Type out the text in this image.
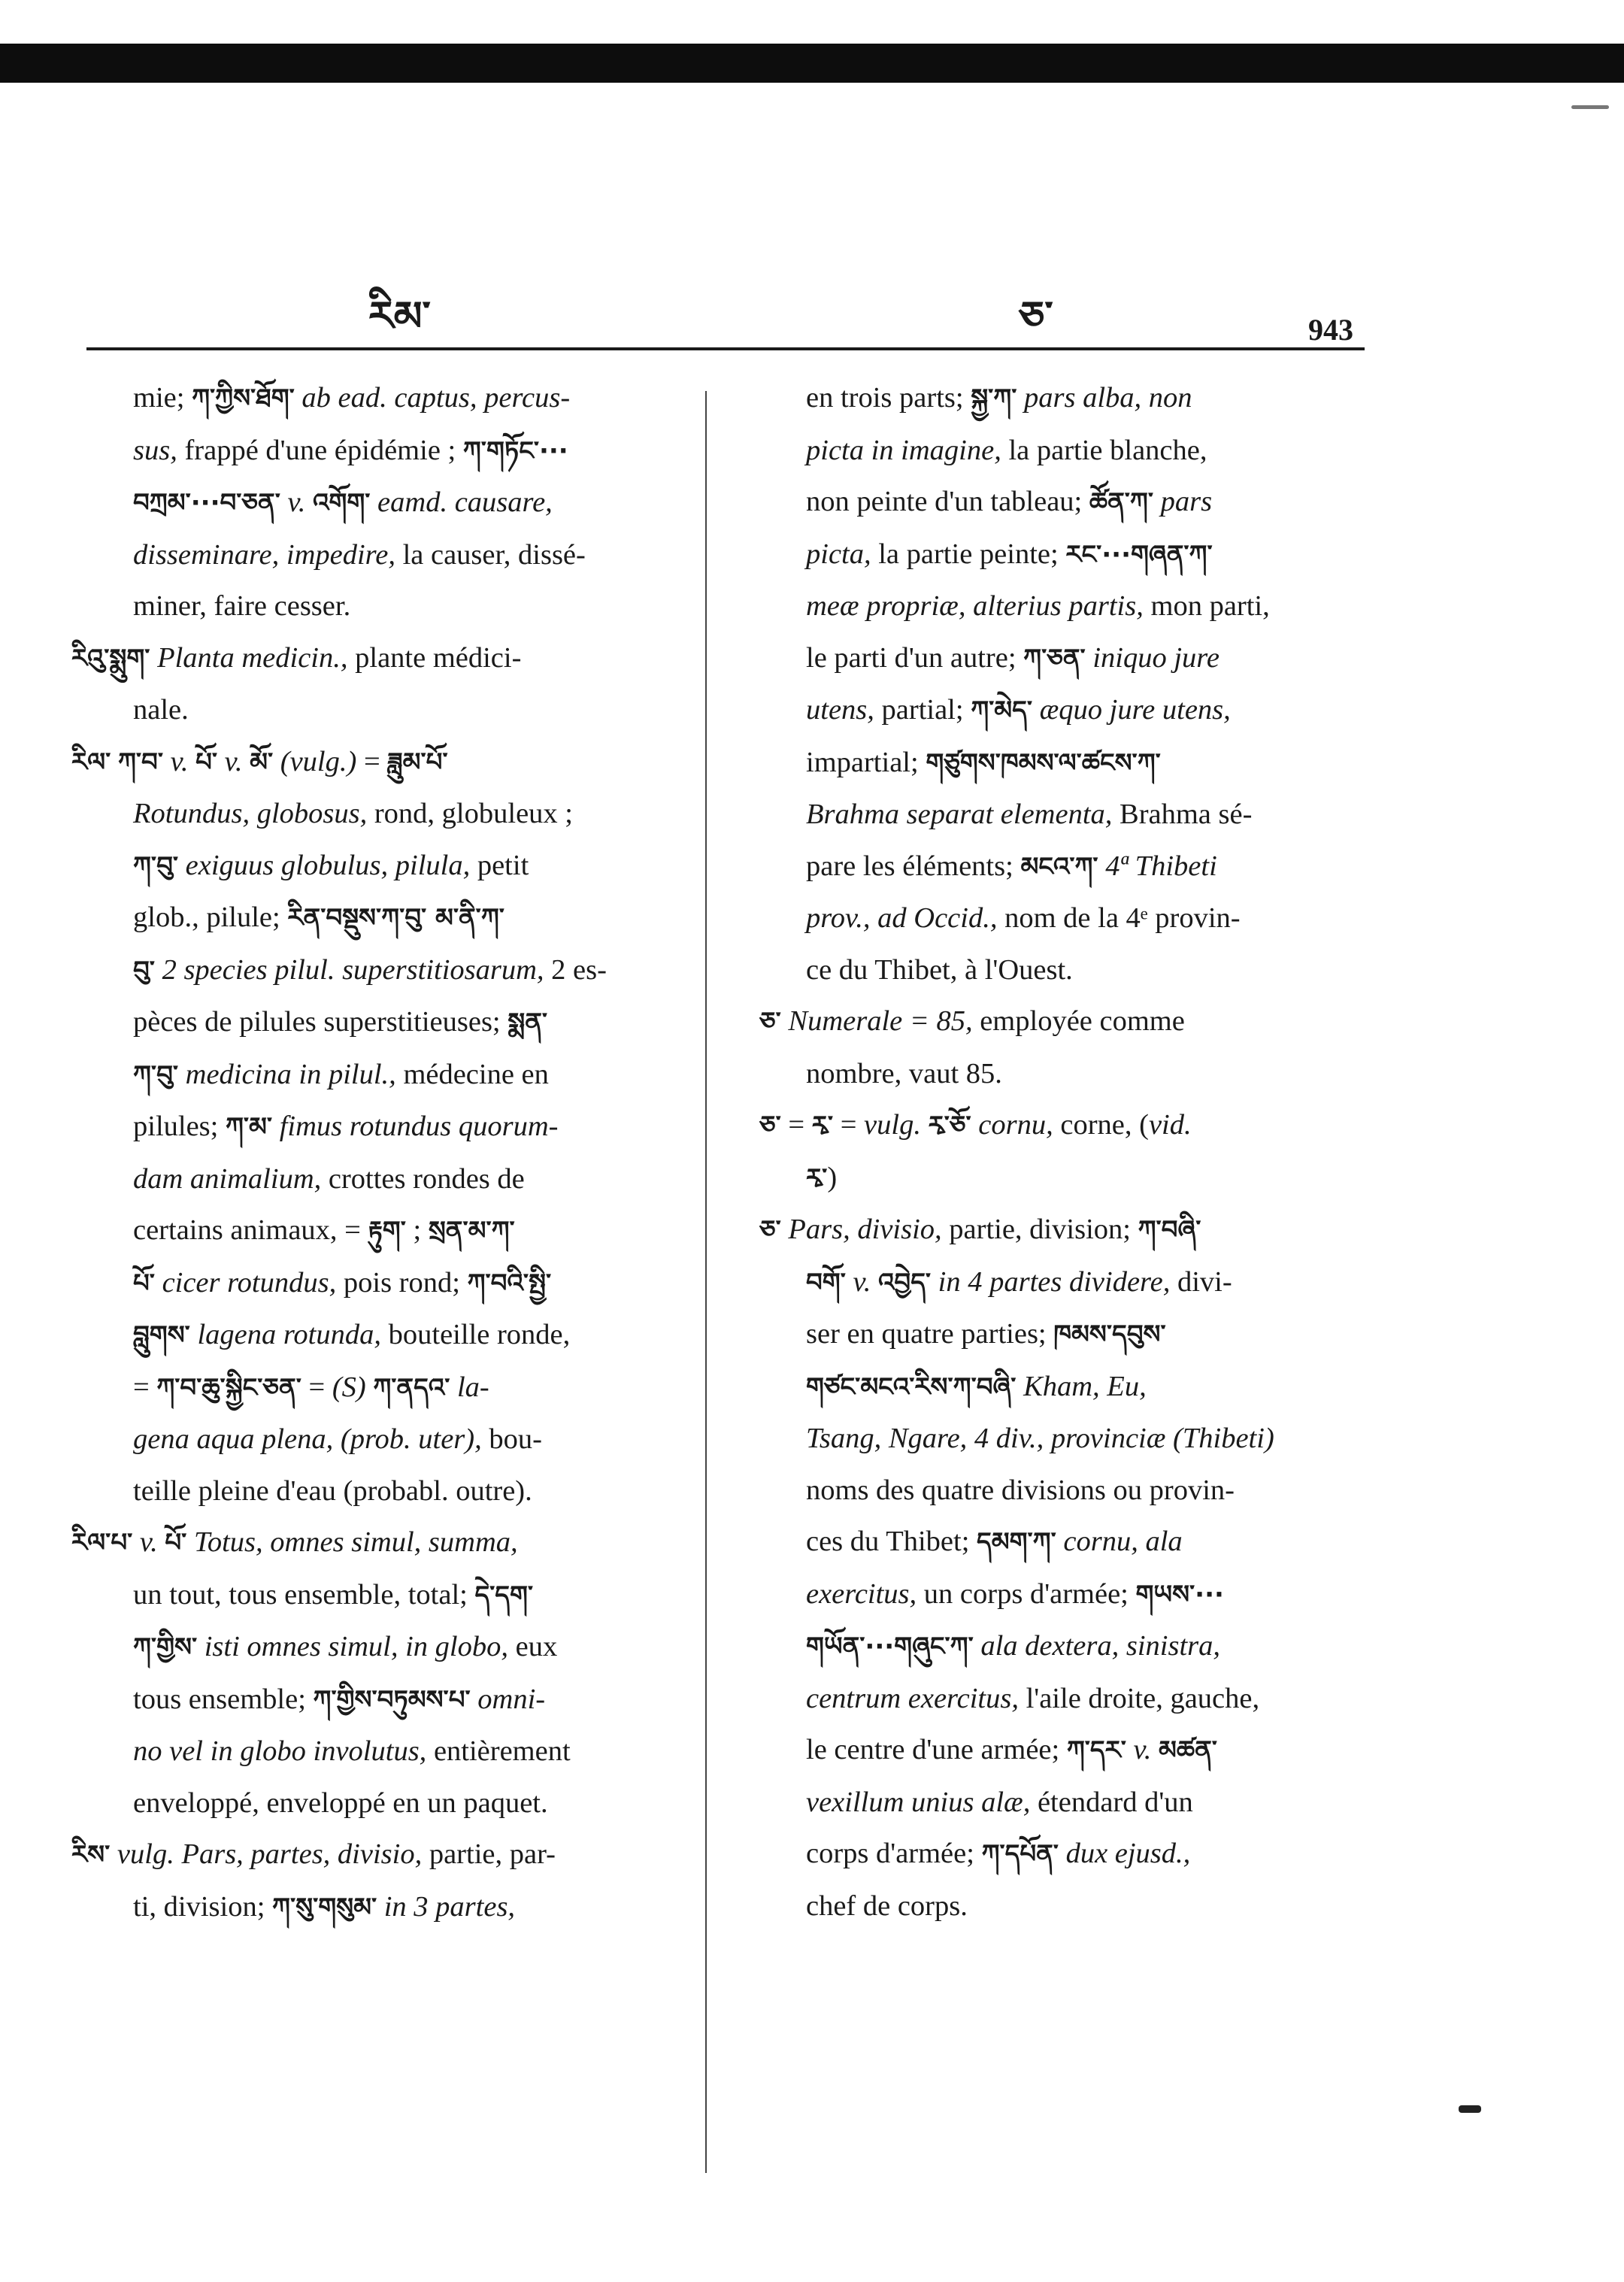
རིམ་	ཅ་	943
mie; ཀ་ཀྱིས་ཐོག་ ab ead. captus, percus-
sus, frappé d'une épidémie ; ཀ་གཏོང་···
བཀྲམ་···བ་ཅན་ v. འགོག་ eamd. causare,
disseminare, impedire, la causer, dissé-
miner, faire cesser.
རིའུ་སྨུག་ Planta medicin., plante médici-
nale.
རིལ་ ཀ་བ་ v. པོ་ v. མོ་ (vulg.) = ཟླུམ་པོ་
Rotundus, globosus, rond, globuleux ;
ཀ་བུ་ exiguus globulus, pilula, petit
glob., pilule; རིན་བསྡུས་ཀ་བུ་ མ་ནི་ཀ་
བུ་ 2 species pilul. superstitiosarum, 2 es-
pèces de pilules superstitieuses; སྨན་
ཀ་བུ་ medicina in pilul., médecine en
pilules; ཀ་མ་ fimus rotundus quorum-
dam animalium, crottes rondes de
certains animaux, = རྟུག་ ; སྲན་མ་ཀ་
པོ་ cicer rotundus, pois rond; ཀ་བའི་སྤྱི་
བླུགས་ lagena rotunda, bouteille ronde,
= ཀ་བ་ཆུ་སྐྱིང་ཅན་ = (S) ཀ་ནདའ་ la-
gena aqua plena, (prob. uter), bou-
teille pleine d'eau (probabl. outre).
རིལ་པ་ v. པོ་ Totus, omnes simul, summa,
un tout, tous ensemble, total; དེ་དག་
ཀ་གྱིས་ isti omnes simul, in globo, eux
tous ensemble; ཀ་གྱིས་བཏུམས་པ་ omni-
no vel in globo involutus, entièrement
enveloppé, enveloppé en un paquet.
རིས་ vulg. Pars, partes, divisio, partie, par-
ti, division; ཀ་སུ་གསུམ་ in 3 partes,
en trois parts; སྐྱ་ཀ་ pars alba, non
picta in imagine, la partie blanche,
non peinte d'un tableau; ཚོན་ཀ་ pars
picta, la partie peinte; རང་···གཞན་ཀ་
meæ propriæ, alterius partis, mon parti,
le parti d'un autre; ཀ་ཅན་ iniquo jure
utens, partial; ཀ་མེད་ æquo jure utens,
impartial; གཙུགས་ཁམས་ལ་ཚངས་ཀ་
Brahma separat elementa, Brahma sé-
pare les éléments; མངའ་ཀ་ 4ª Thibeti
prov., ad Occid., nom de la 4ᵉ provin-
ce du Thibet, à l'Ouest.
ཅ་ Numerale = 85, employée comme
nombre, vaut 85.
ཅ་ = རྭ་ = vulg. རྭ་ཅོ་ cornu, corne, (vid.
རྭ་)
ཅ་ Pars, divisio, partie, division; ཀ་བཞི་
བགོ་ v. འབྱེད་ in 4 partes dividere, divi-
ser en quatre parties; ཁམས་དབུས་
གཙང་མངའ་རིས་ཀ་བཞི་ Kham, Eu,
Tsang, Ngare, 4 div., provinciæ (Thibeti)
noms des quatre divisions ou provin-
ces du Thibet; དམག་ཀ་ cornu, ala
exercitus, un corps d'armée; གཡས་···
གཡོན་···གཞུང་ཀ་ ala dextera, sinistra,
centrum exercitus, l'aile droite, gauche,
le centre d'une armée; ཀ་དར་ v. མཚན་
vexillum unius alæ, étendard d'un
corps d'armée; ཀ་དཔོན་ dux ejusd.,
chef de corps.
